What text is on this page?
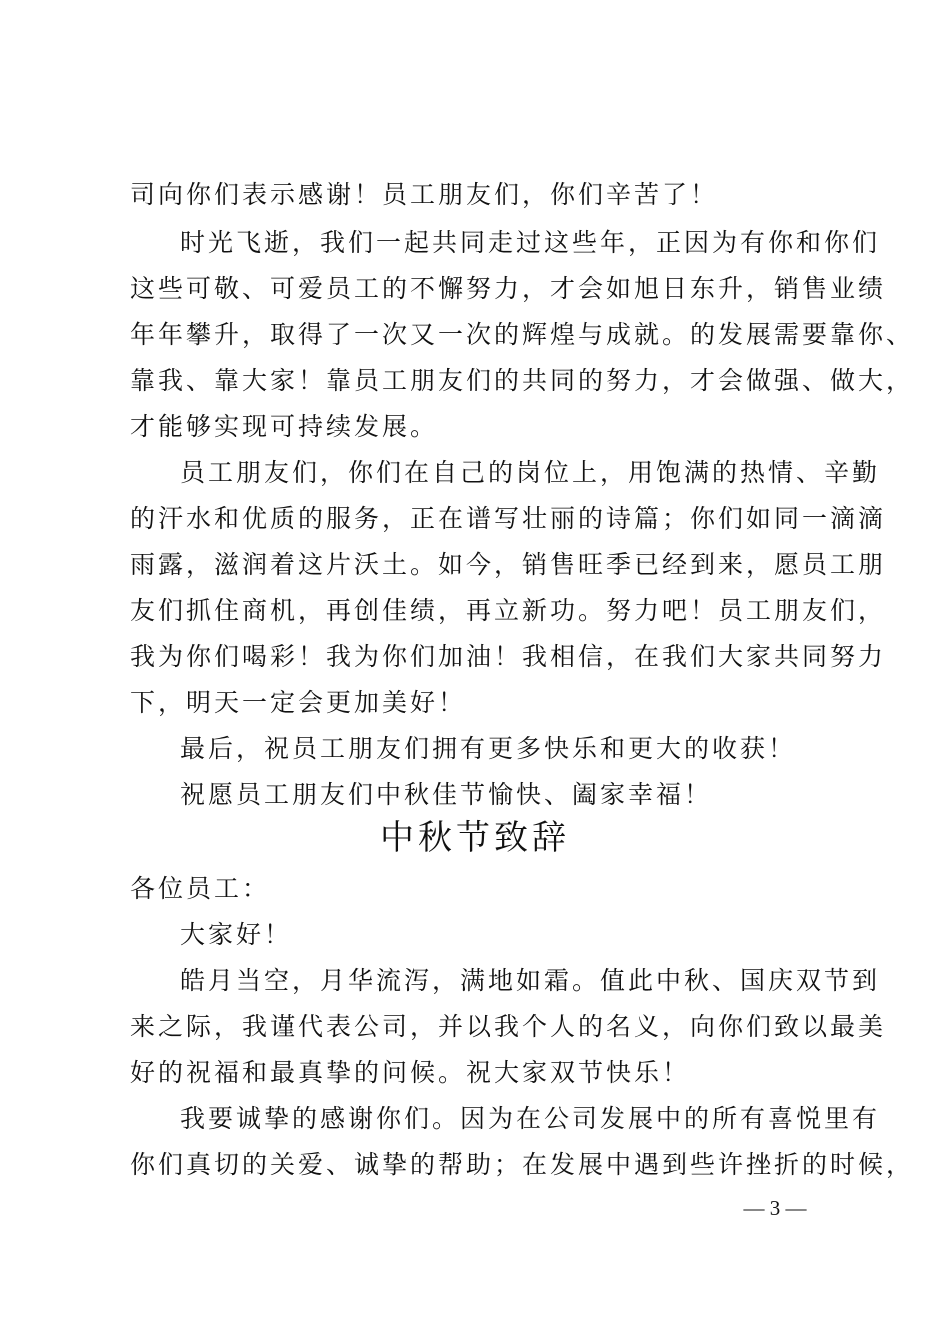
司向你们表示感谢！员工朋友们，你们辛苦了！
时光飞逝，我们一起共同走过这些年，正因为有你和你们
这些可敬、可爱员工的不懈努力，才会如旭日东升，销售业绩
年年攀升，取得了一次又一次的辉煌与成就。的发展需要靠你、
靠我、靠大家！靠员工朋友们的共同的努力，才会做强、做大，
才能够实现可持续发展。
员工朋友们，你们在自己的岗位上，用饱满的热情、辛勤
的汗水和优质的服务，正在谱写壮丽的诗篇；你们如同一滴滴
雨露，滋润着这片沃土。如今，销售旺季已经到来，愿员工朋
友们抓住商机，再创佳绩，再立新功。努力吧！员工朋友们，
我为你们喝彩！我为你们加油！我相信，在我们大家共同努力
下，明天一定会更加美好！
最后，祝员工朋友们拥有更多快乐和更大的收获！
祝愿员工朋友们中秋佳节愉快、阖家幸福！
中秋节致辞
各位员工：
大家好！
皓月当空，月华流泻，满地如霜。值此中秋、国庆双节到
来之际，我谨代表公司，并以我个人的名义，向你们致以最美
好的祝福和最真挚的问候。祝大家双节快乐！
我要诚挚的感谢你们。因为在公司发展中的所有喜悦里有
你们真切的关爱、诚挚的帮助；在发展中遇到些许挫折的时候，
— 3 —
